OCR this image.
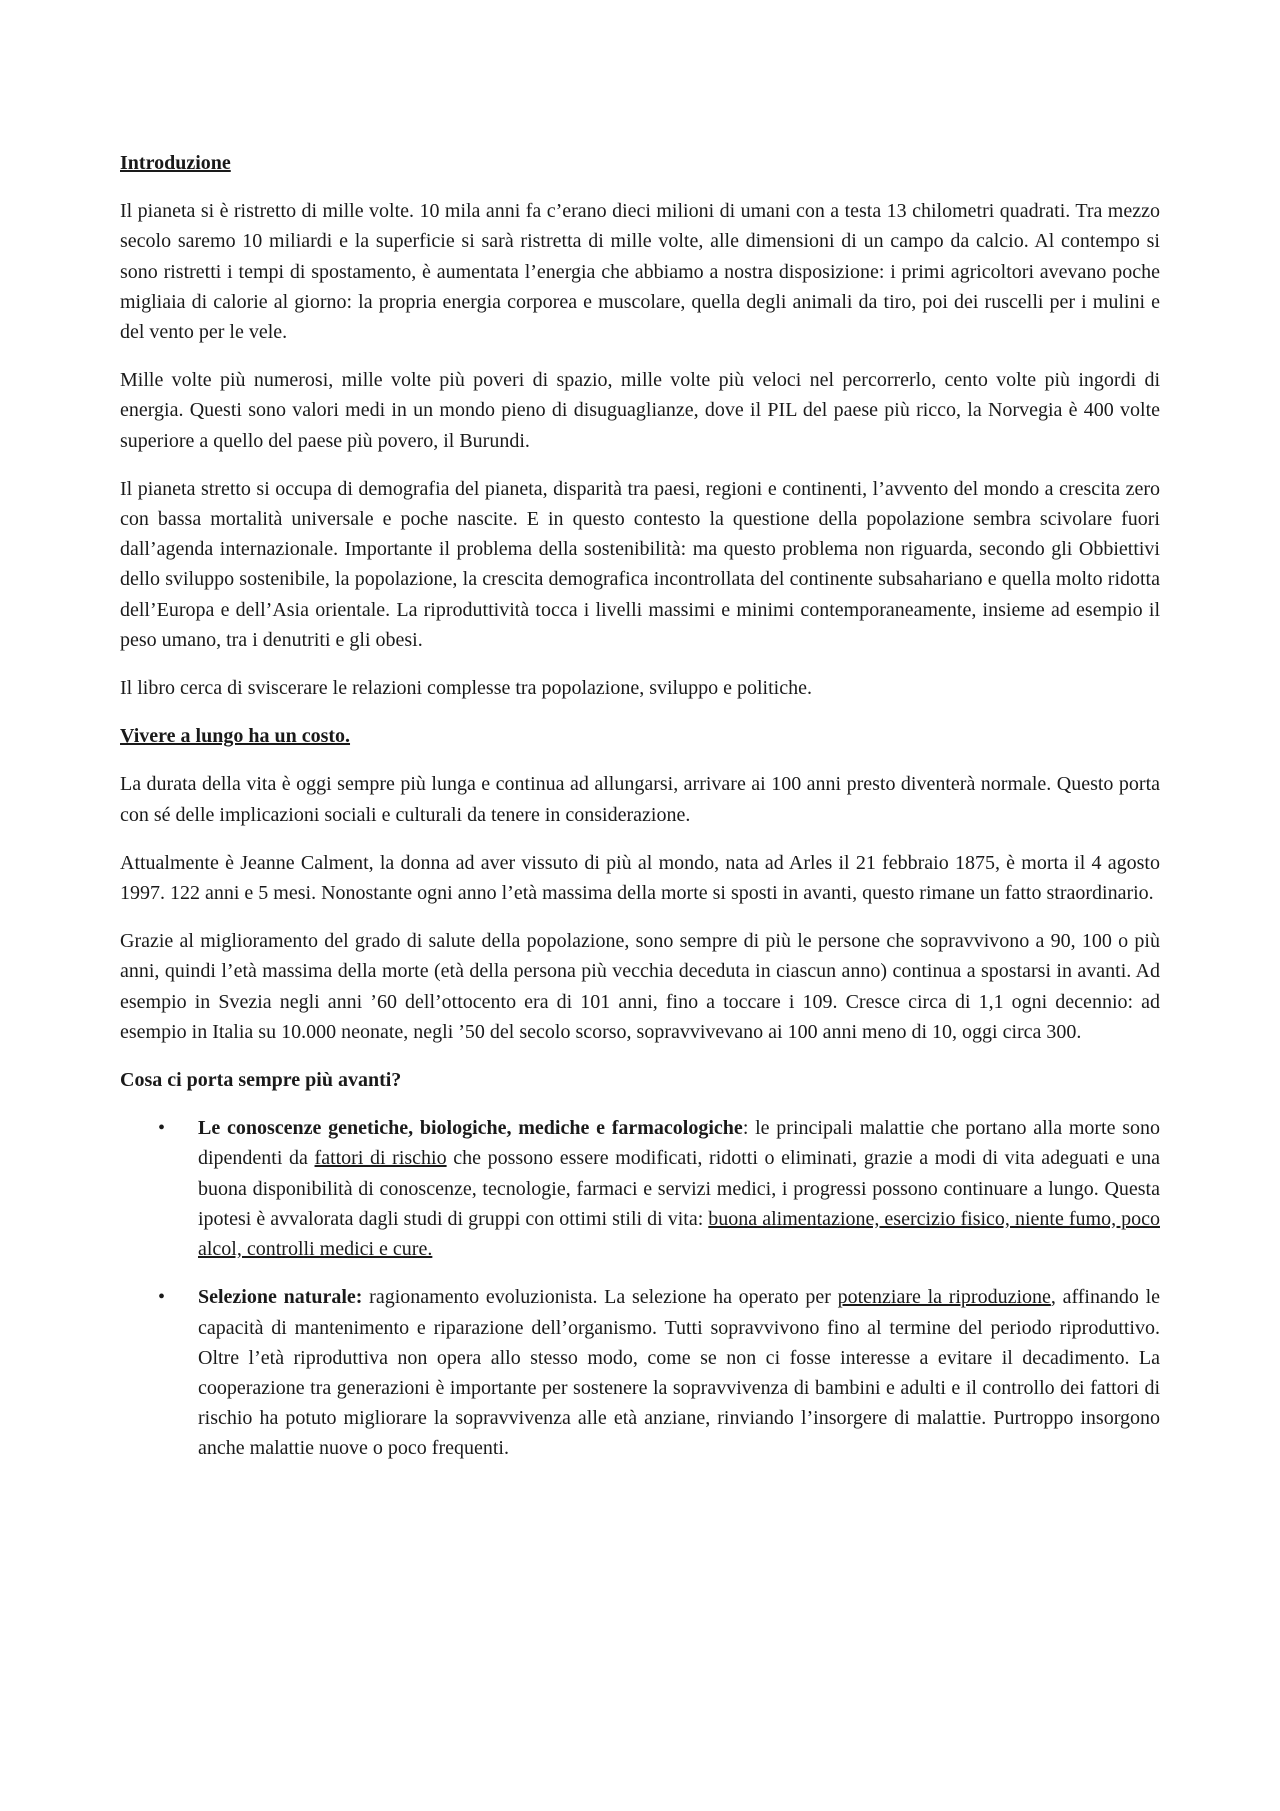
Introduzione

Il pianeta si è ristretto di mille volte. 10 mila anni fa c’erano dieci milioni di umani con a testa 13 chilometri quadrati. Tra mezzo secolo saremo 10 miliardi e la superficie si sarà ristretta di mille volte, alle dimensioni di un campo da calcio. Al contempo si sono ristretti i tempi di spostamento, è aumentata l’energia che abbiamo a nostra disposizione: i primi agricoltori avevano poche migliaia di calorie al giorno: la propria energia corporea e muscolare, quella degli animali da tiro, poi dei ruscelli per i mulini e del vento per le vele.

Mille volte più numerosi, mille volte più poveri di spazio, mille volte più veloci nel percorrerlo, cento volte più ingordi di energia. Questi sono valori medi in un mondo pieno di disuguaglianze, dove il PIL del paese più ricco, la Norvegia è 400 volte superiore a quello del paese più povero, il Burundi.

Il pianeta stretto si occupa di demografia del pianeta, disparità tra paesi, regioni e continenti, l’avvento del mondo a crescita zero con bassa mortalità universale e poche nascite. E in questo contesto la questione della popolazione sembra scivolare fuori dall’agenda internazionale. Importante il problema della sostenibilità: ma questo problema non riguarda, secondo gli Obbiettivi dello sviluppo sostenibile, la popolazione, la crescita demografica incontrollata del continente subsahariano e quella molto ridotta dell’Europa e dell’Asia orientale. La riproduttività tocca i livelli massimi e minimi contemporaneamente, insieme ad esempio il peso umano, tra i denutriti e gli obesi.

Il libro cerca di sviscerare le relazioni complesse tra popolazione, sviluppo e politiche.

Vivere a lungo ha un costo.

La durata della vita è oggi sempre più lunga e continua ad allungarsi, arrivare ai 100 anni presto diventerà normale. Questo porta con sé delle implicazioni sociali e culturali da tenere in considerazione.

Attualmente è Jeanne Calment, la donna ad aver vissuto di più al mondo, nata ad Arles il 21 febbraio 1875, è morta il 4 agosto 1997. 122 anni e 5 mesi. Nonostante ogni anno l’età massima della morte si sposti in avanti, questo rimane un fatto straordinario.

Grazie al miglioramento del grado di salute della popolazione, sono sempre di più le persone che sopravvivono a 90, 100 o più anni, quindi l’età massima della morte (età della persona più vecchia deceduta in ciascun anno) continua a spostarsi in avanti. Ad esempio in Svezia negli anni ’60 dell’ottocento era di 101 anni, fino a toccare i 109. Cresce circa di 1,1 ogni decennio: ad esempio in Italia su 10.000 neonate, negli ’50 del secolo scorso, sopravvivevano ai 100 anni meno di 10, oggi circa 300.

Cosa ci porta sempre più avanti?
• Le conoscenze genetiche, biologiche, mediche e farmacologiche: le principali malattie che portano alla morte sono dipendenti da fattori di rischio che possono essere modificati, ridotti o eliminati, grazie a modi di vita adeguati e una buona disponibilità di conoscenze, tecnologie, farmaci e servizi medici, i progressi possono continuare a lungo. Questa ipotesi è avvalorata dagli studi di gruppi con ottimi stili di vita: buona alimentazione, esercizio fisico, niente fumo, poco alcol, controlli medici e cure.
• Selezione naturale: ragionamento evoluzionista. La selezione ha operato per potenziare la riproduzione, affinando le capacità di mantenimento e riparazione dell’organismo. Tutti sopravvivono fino al termine del periodo riproduttivo. Oltre l’età riproduttiva non opera allo stesso modo, come se non ci fosse interesse a evitare il decadimento. La cooperazione tra generazioni è importante per sostenere la sopravvivenza di bambini e adulti e il controllo dei fattori di rischio ha potuto migliorare la sopravvivenza alle età anziane, rinviando l’insorgere di malattie. Purtroppo insorgono anche malattie nuove o poco frequenti.
